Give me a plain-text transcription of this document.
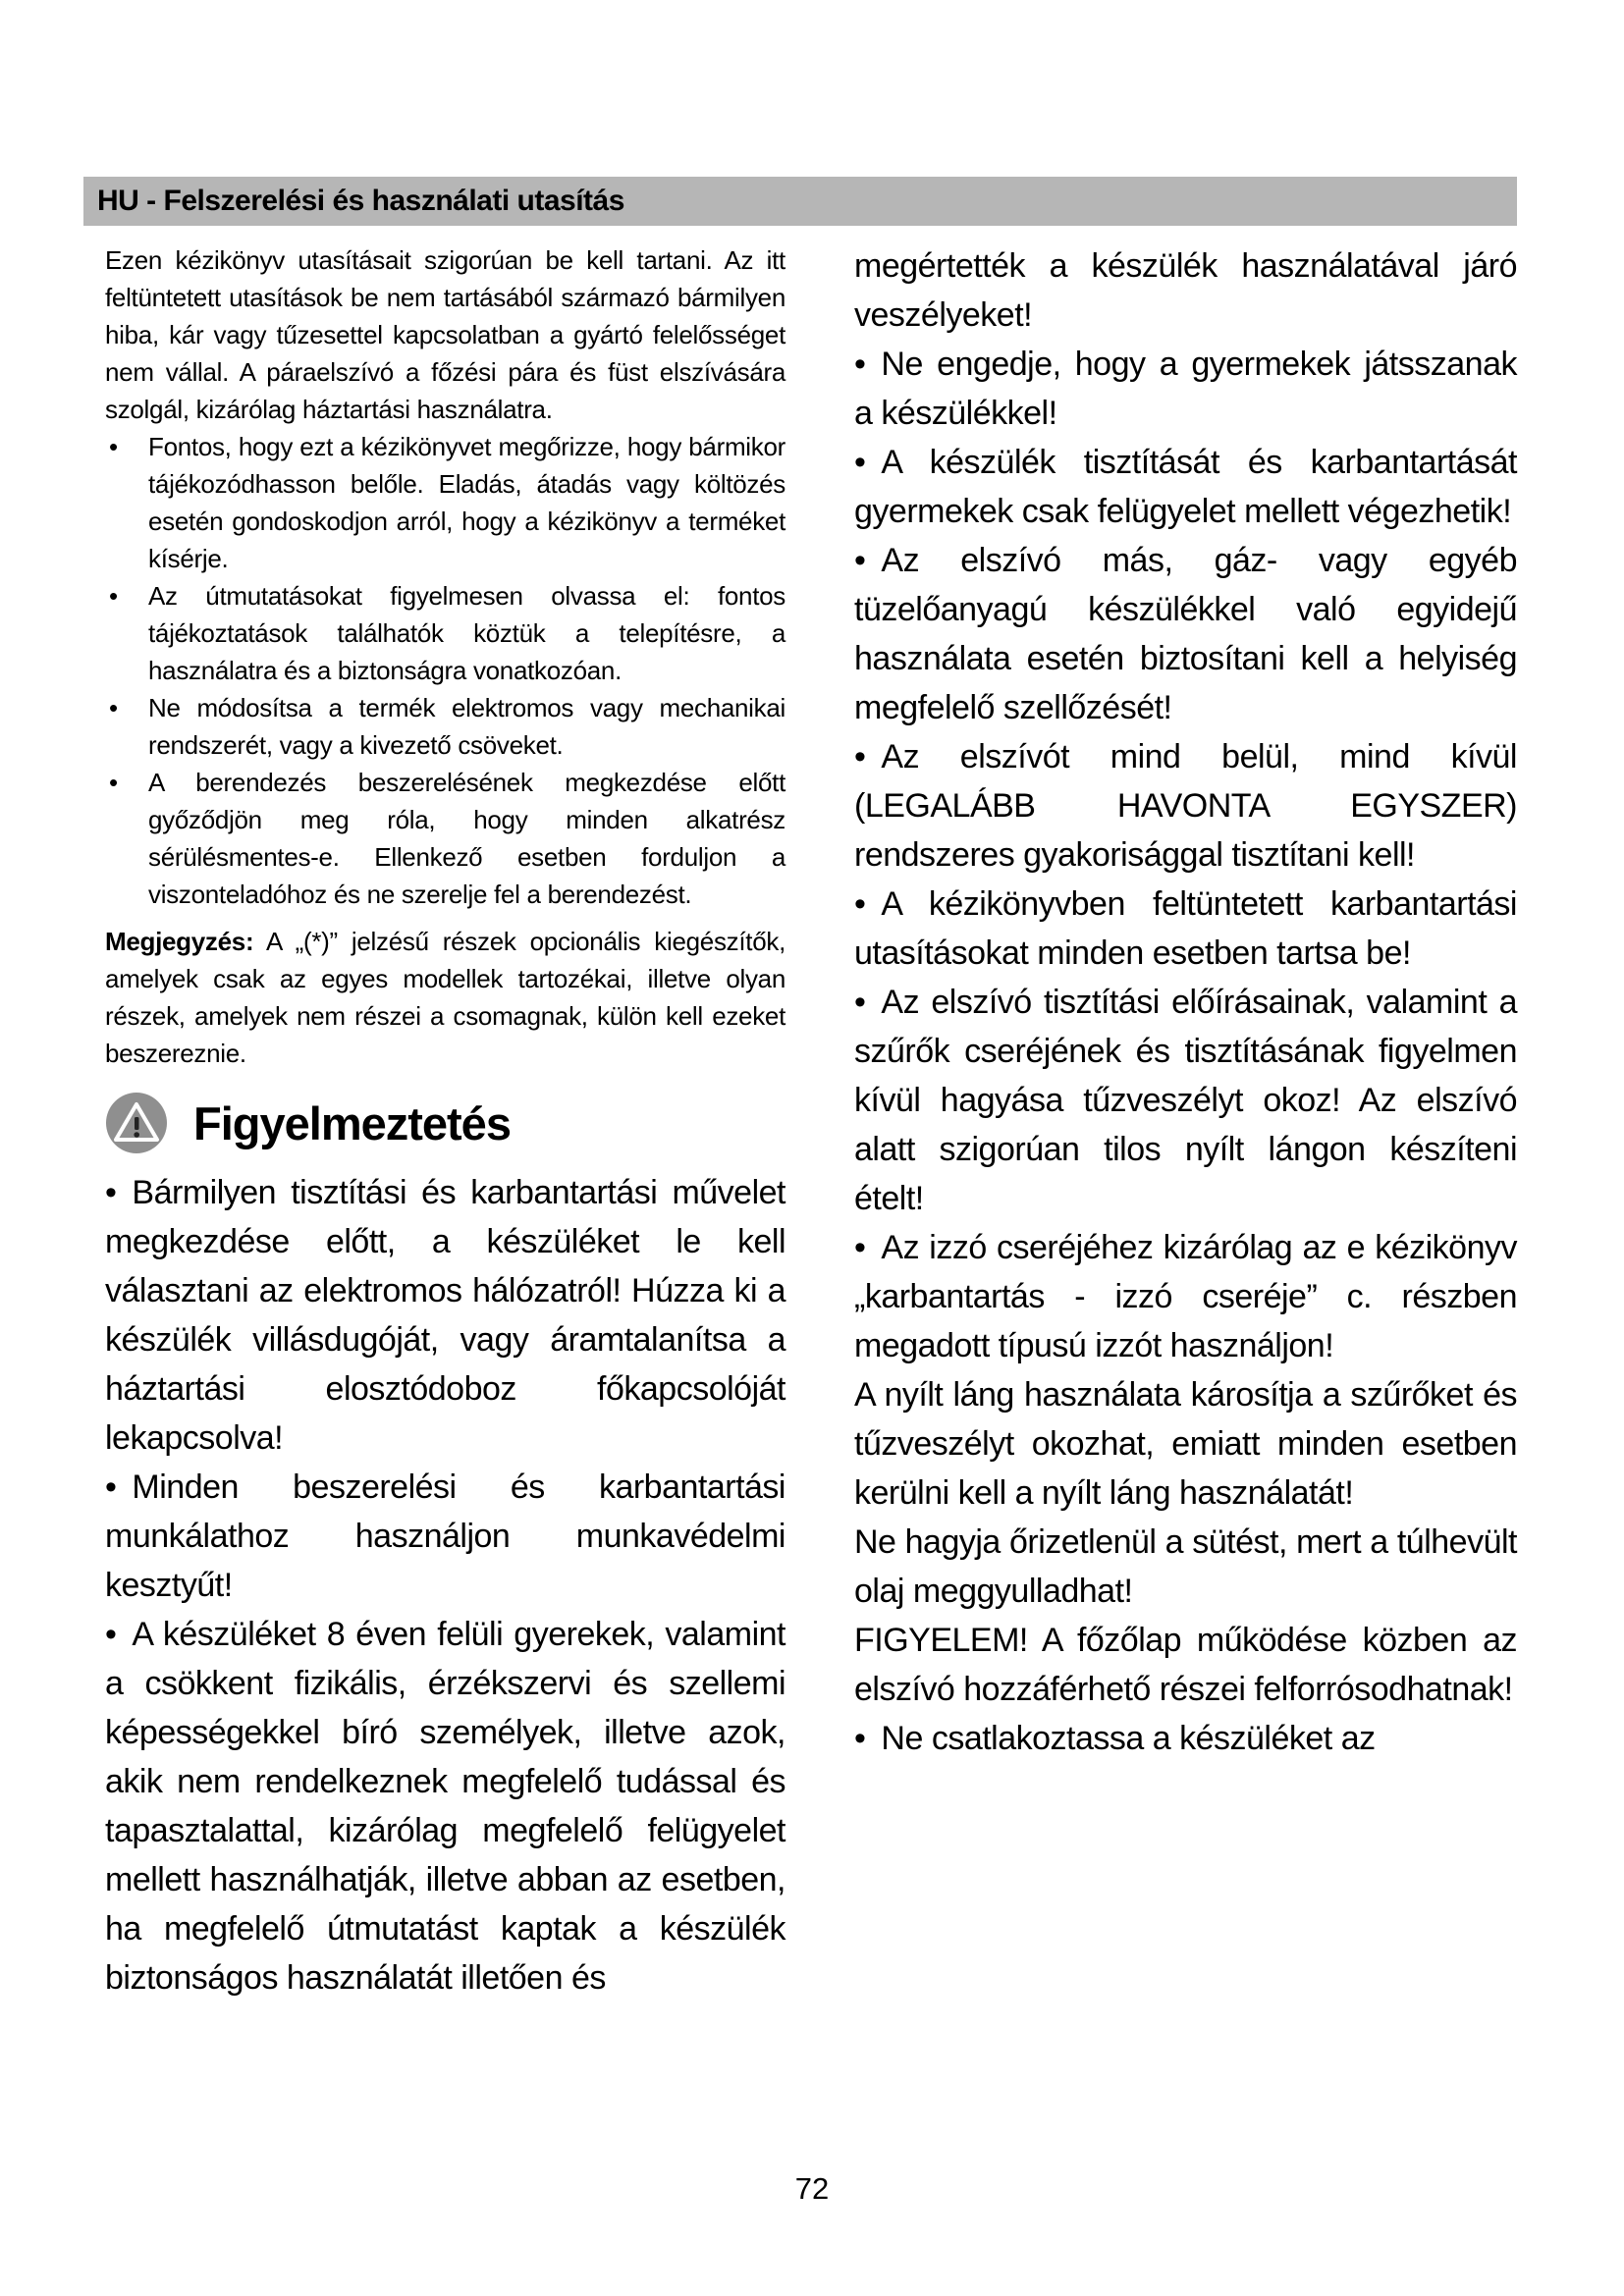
HU - Felszerelési és használati utasítás

Ezen kézikönyv utasításait szigorúan be kell tartani. Az itt feltüntetett utasítások be nem tartásából származó bármilyen hiba, kár vagy tűzesettel kapcsolatban a gyártó felelősséget nem vállal. A páraelszívó a főzési pára és füst elszívására szolgál, kizárólag háztartási használatra.

• Fontos, hogy ezt a kézikönyvet megőrizze, hogy bármikor tájékozódhasson belőle. Eladás, átadás vagy költözés esetén gondoskodjon arról, hogy a kézikönyv a terméket kísérje.
• Az útmutatásokat figyelmesen olvassa el: fontos tájékoztatások találhatók köztük a telepítésre, a használatra és a biztonságra vonatkozóan.
• Ne módosítsa a termék elektromos vagy mechanikai rendszerét, vagy a kivezető csöveket.
• A berendezés beszerelésének megkezdése előtt győződjön meg róla, hogy minden alkatrész sérülésmentes-e. Ellenkező esetben forduljon a viszonteladóhoz és ne szerelje fel a berendezést.

Megjegyzés: A „(*)” jelzésű részek opcionális kiegészítők, amelyek csak az egyes modellek tartozékai, illetve olyan részek, amelyek nem részei a csomagnak, külön kell ezeket beszereznie.

Figyelmeztetés

• Bármilyen tisztítási és karbantartási művelet megkezdése előtt, a készüléket le kell választani az elektromos hálózatról! Húzza ki a készülék villásdugóját, vagy áramtalanítsa a háztartási elosztódoboz főkapcsolóját lekapcsolva!

• Minden beszerelési és karbantartási munkálathoz használjon munkavédelmi kesztyűt!

• A készüléket 8 éven felüli gyerekek, valamint a csökkent fizikális, érzékszervi és szellemi képességekkel bíró személyek, illetve azok, akik nem rendelkeznek megfelelő tudással és tapasztalattal, kizárólag megfelelő felügyelet mellett használhatják, illetve abban az esetben, ha megfelelő útmutatást kaptak a készülék biztonságos használatát illetően és

megértették a készülék használatával járó veszélyeket!

• Ne engedje, hogy a gyermekek játsszanak a készülékkel!

• A készülék tisztítását és karbantartását gyermekek csak felügyelet mellett végezhetik!

• Az elszívó más, gáz- vagy egyéb tüzelőanyagú készülékkel való egyidejű használata esetén biztosítani kell a helyiség megfelelő szellőzését!

• Az elszívót mind belül, mind kívül (LEGALÁBB HAVONTA EGYSZER) rendszeres gyakorisággal tisztítani kell!

• A kézikönyvben feltüntetett karbantartási utasításokat minden esetben tartsa be!

• Az elszívó tisztítási előírásainak, valamint a szűrők cseréjének és tisztításának figyelmen kívül hagyása tűzveszélyt okoz! Az elszívó alatt szigorúan tilos nyílt lángon készíteni ételt!

• Az izzó cseréjéhez kizárólag az e kézikönyv „karbantartás - izzó cseréje” c. részben megadott típusú izzót használjon!

A nyílt láng használata károsítja a szűrőket és tűzveszélyt okozhat, emiatt minden esetben kerülni kell a nyílt láng használatát!

Ne hagyja őrizetlenül a sütést, mert a túlhevült olaj meggyulladhat!

FIGYELEM! A főzőlap működése közben az elszívó hozzáférhető részei felforrósodhatnak!

• Ne csatlakoztassa a készüléket az

72
